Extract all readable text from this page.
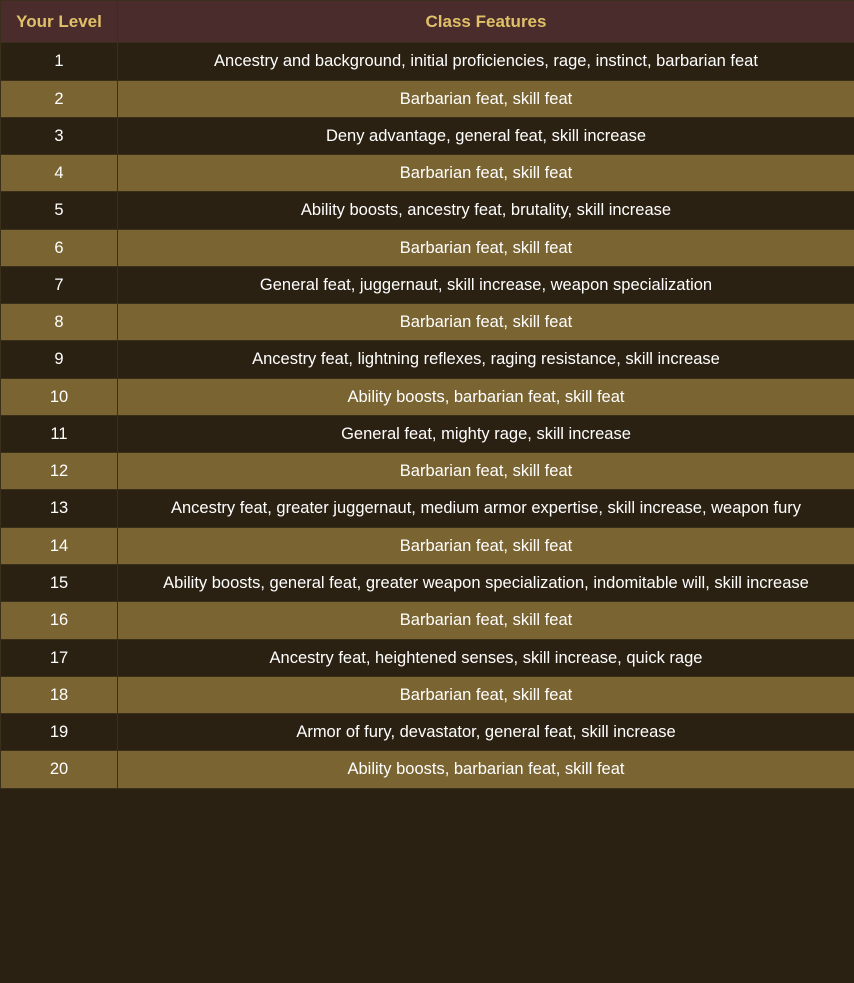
Your Level	Class Features
1	Ancestry and background, initial proficiencies, rage, instinct, barbarian feat
2	Barbarian feat, skill feat
3	Deny advantage, general feat, skill increase
4	Barbarian feat, skill feat
5	Ability boosts, ancestry feat, brutality, skill increase
6	Barbarian feat, skill feat
7	General feat, juggernaut, skill increase, weapon specialization
8	Barbarian feat, skill feat
9	Ancestry feat, lightning reflexes, raging resistance, skill increase
10	Ability boosts, barbarian feat, skill feat
11	General feat, mighty rage, skill increase
12	Barbarian feat, skill feat
13	Ancestry feat, greater juggernaut, medium armor expertise, skill increase, weapon fury
14	Barbarian feat, skill feat
15	Ability boosts, general feat, greater weapon specialization, indomitable will, skill increase
16	Barbarian feat, skill feat
17	Ancestry feat, heightened senses, skill increase, quick rage
18	Barbarian feat, skill feat
19	Armor of fury, devastator, general feat, skill increase
20	Ability boosts, barbarian feat, skill feat
